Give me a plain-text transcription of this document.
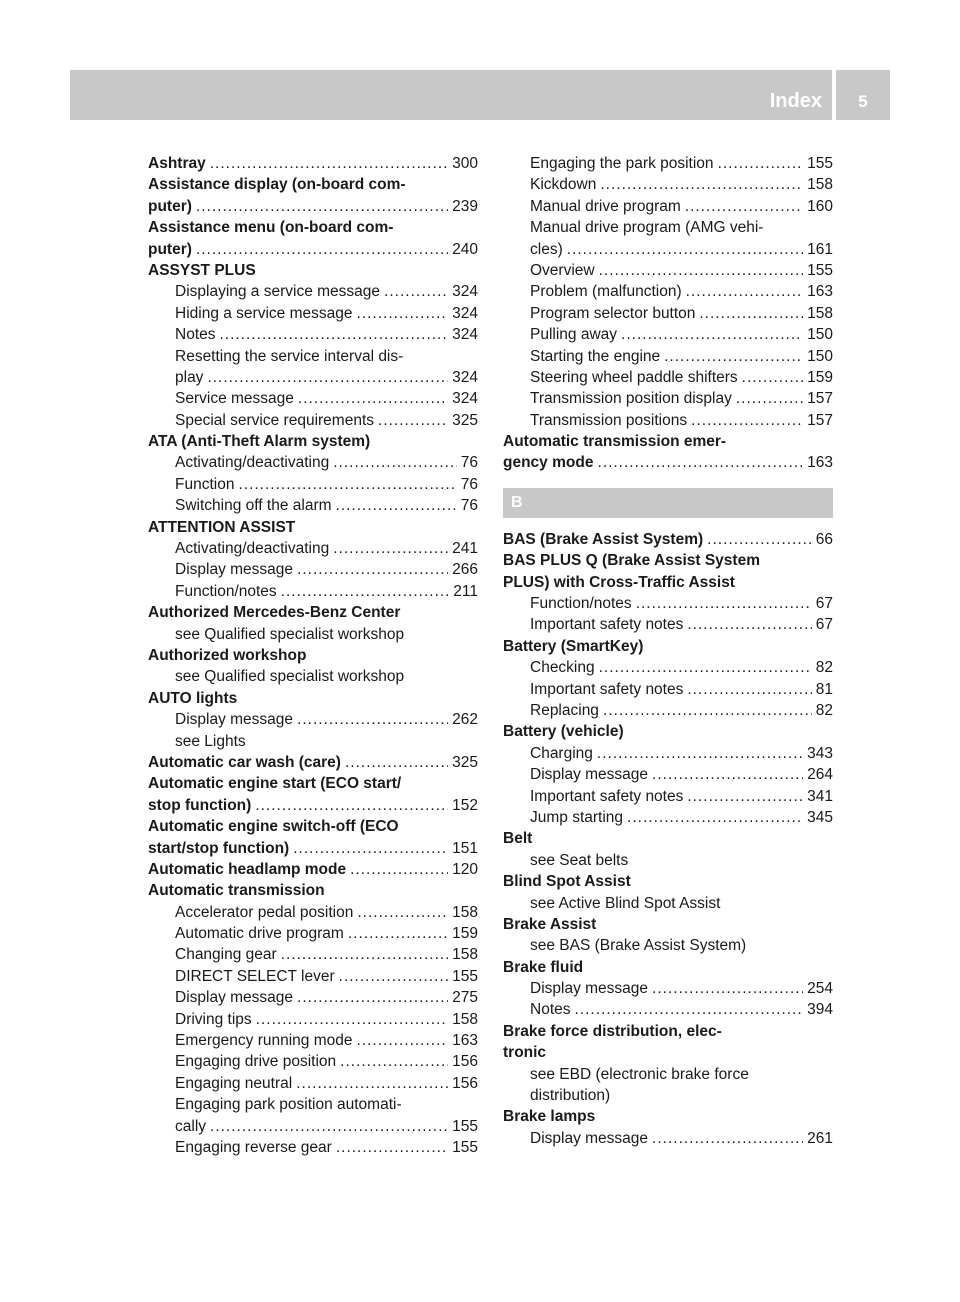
Index	5
Ashtray .....	300
Assistance display (on-board com-
puter) .....	239
Assistance menu (on-board com-
puter) .....	240
ASSYST PLUS
Displaying a service message .....	324
Hiding a service message .....	324
Notes .....	324
Resetting the service interval dis-
play .....	324
Service message .....	324
Special service requirements .....	325
ATA (Anti-Theft Alarm system)
Activating/deactivating .....	76
Function .....	76
Switching off the alarm .....	76
ATTENTION ASSIST
Activating/deactivating .....	241
Display message .....	266
Function/notes .....	211
Authorized Mercedes-Benz Center
see Qualified specialist workshop
Authorized workshop
see Qualified specialist workshop
AUTO lights
Display message .....	262
see Lights
Automatic car wash (care) .....	325
Automatic engine start (ECO start/
stop function) .....	152
Automatic engine switch-off (ECO
start/stop function) .....	151
Automatic headlamp mode .....	120
Automatic transmission
Accelerator pedal position .....	158
Automatic drive program .....	159
Changing gear .....	158
DIRECT SELECT lever .....	155
Display message .....	275
Driving tips .....	158
Emergency running mode .....	163
Engaging drive position .....	156
Engaging neutral .....	156
Engaging park position automati-
cally .....	155
Engaging reverse gear .....	155
Engaging the park position .....	155
Kickdown .....	158
Manual drive program .....	160
Manual drive program (AMG vehi-
cles) .....	161
Overview .....	155
Problem (malfunction) .....	163
Program selector button .....	158
Pulling away .....	150
Starting the engine .....	150
Steering wheel paddle shifters .....	159
Transmission position display .....	157
Transmission positions .....	157
Automatic transmission emer-
gency mode .....	163
B
BAS (Brake Assist System) .....	66
BAS PLUS Q (Brake Assist System
PLUS) with Cross-Traffic Assist
Function/notes .....	67
Important safety notes .....	67
Battery (SmartKey)
Checking .....	82
Important safety notes .....	81
Replacing .....	82
Battery (vehicle)
Charging .....	343
Display message .....	264
Important safety notes .....	341
Jump starting .....	345
Belt
see Seat belts
Blind Spot Assist
see Active Blind Spot Assist
Brake Assist
see BAS (Brake Assist System)
Brake fluid
Display message .....	254
Notes .....	394
Brake force distribution, elec-
tronic
see EBD (electronic brake force
distribution)
Brake lamps
Display message .....	261
